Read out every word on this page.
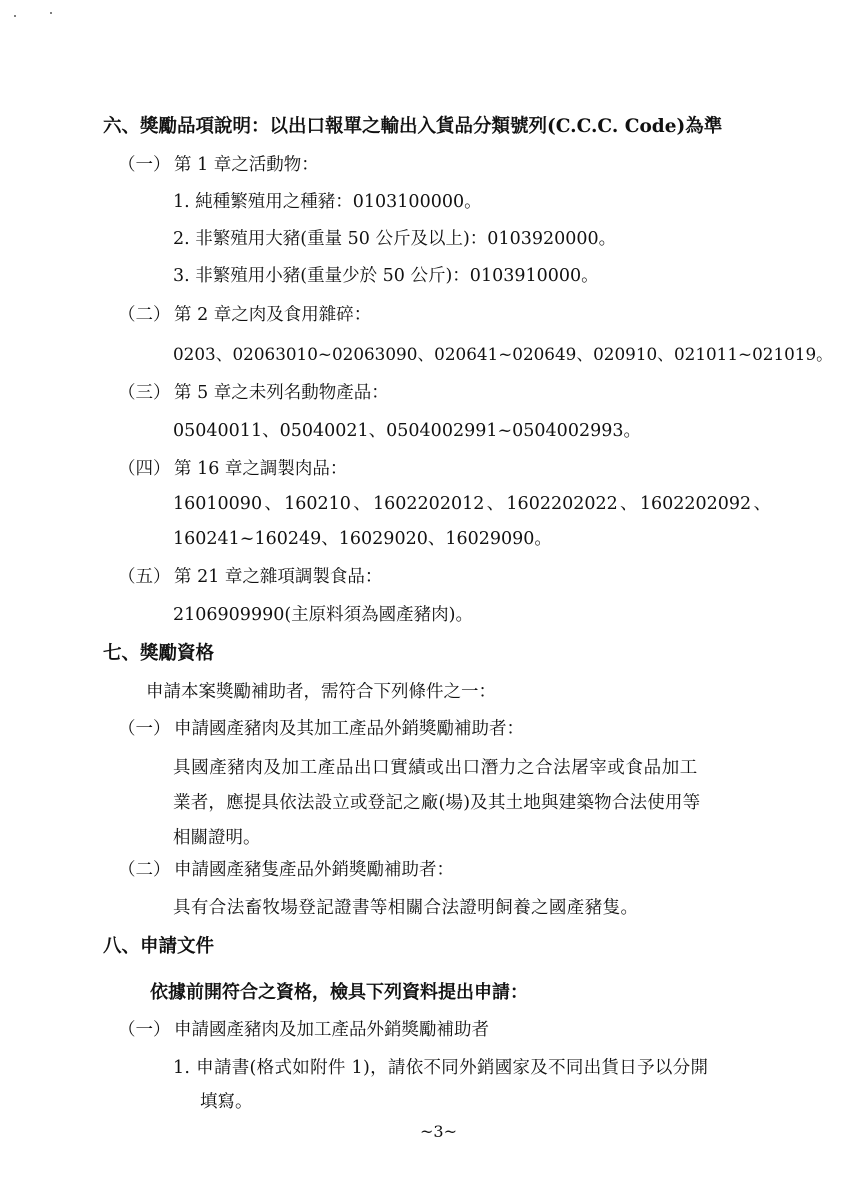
六、獎勵品項說明：以出口報單之輸出入貨品分類號列(C.C.C. Code)為準
（一） 第 1 章之活動物：
1. 純種繁殖用之種豬：0103100000。
2. 非繁殖用大豬(重量 50 公斤及以上)：0103920000。
3. 非繁殖用小豬(重量少於 50 公斤)：0103910000。
（二） 第 2 章之肉及食用雜碎：
0203、02063010~02063090、020641~020649、020910、021011~021019。
（三） 第 5 章之未列名動物產品：
05040011、05040021、0504002991~0504002993。
（四） 第 16 章之調製肉品：
16010090 、 160210 、 1602202012 、 1602202022 、 1602202092 、
160241~160249、16029020、16029090。
（五） 第 21 章之雜項調製食品：
2106909990(主原料須為國產豬肉)。
七、獎勵資格
申請本案獎勵補助者，需符合下列條件之一：
（一） 申請國產豬肉及其加工產品外銷獎勵補助者：
具國產豬肉及加工產品出口實績或出口潛力之合法屠宰或食品加工
業者，應提具依法設立或登記之廠(場)及其土地與建築物合法使用等
相關證明。
（二） 申請國產豬隻產品外銷獎勵補助者：
具有合法畜牧場登記證書等相關合法證明飼養之國產豬隻。
八、申請文件
依據前開符合之資格，檢具下列資料提出申請：
（一） 申請國產豬肉及加工產品外銷獎勵補助者
1. 申請書(格式如附件 1)，請依不同外銷國家及不同出貨日予以分開
填寫。
~3~
